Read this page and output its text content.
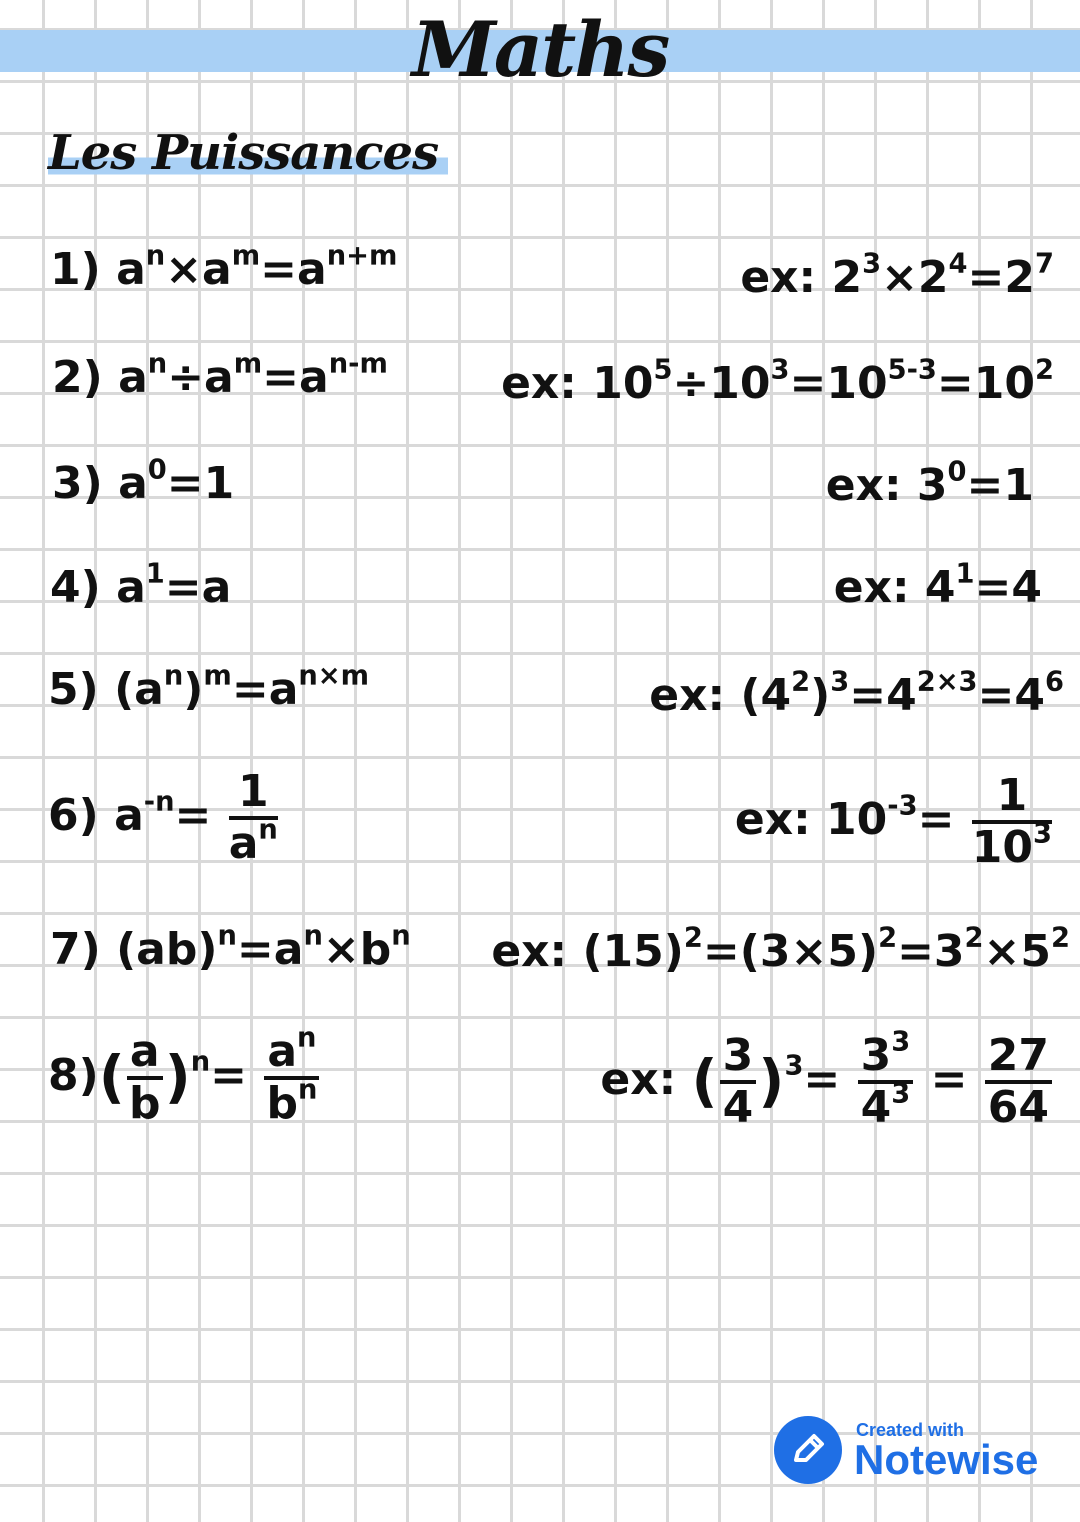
Maths
Les Puissances
1) $a^n\times a^m=a^{n+m}$
2) $a^n\div a^m=a^{n-m}$
3) $a^0=1$
4) $a^1=a$
5) $(a^n)^m=a^{n\times m}$
6) $a^{-n}= \frac{1}{a^n}$
7) $(ab)^n=a^n\times b^n$
$8)( \frac{a}{b} )^n= \frac{a^n}{b^n}$
ex: $2^3\times 2^4=2^7$
ex: $10^5\div 10^3=10^{5-3}=10^2$
ex: $3^0=1$
ex: $4^1=4$
ex: $(4^2)^3=4^{2\times 3}=4^6$
ex: $10^{-3}= \frac{1}{10^3}$
ex: $(15)^2=(3\times 5)^2=3^2\times 5^2$
ex: ( $\frac{3}{4} )^3= \frac{3^3}{4^3} = \frac{27}{64}$
Created with
Notewise
